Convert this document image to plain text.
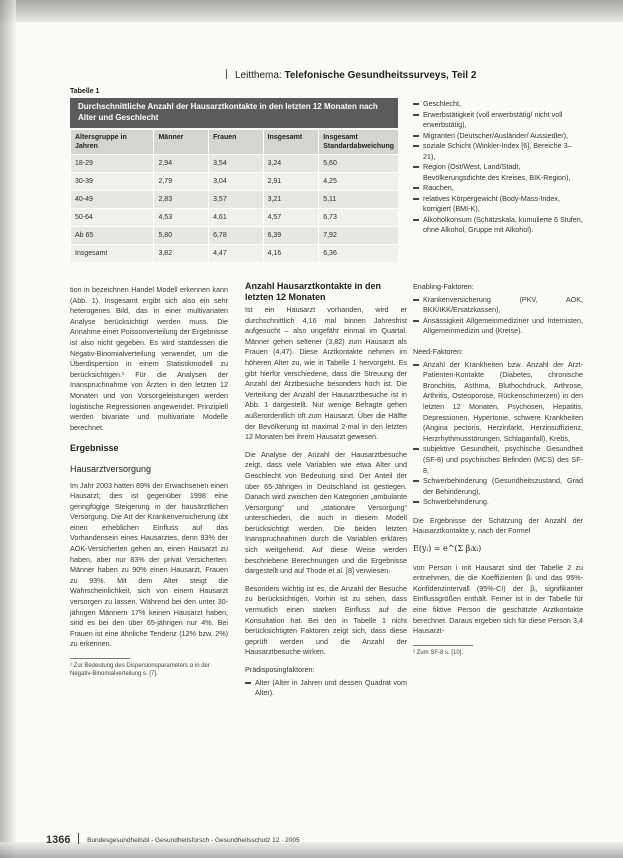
Leitthema: Telefonische Gesundheitssurveys, Teil 2
Tabelle 1
Durchschnittliche Anzahl der Hausarztkontakte in den letzten 12 Monaten nach Alter und Geschlecht
Altersgruppe in Jahren	Männer	Frauen	Insgesamt	Insgesamt Standardabweichung
18-29	2,94	3,54	3,24	5,60
30-39	2,79	3,04	2,91	4,25
40-49	2,83	3,57	3,21	5,11
50-64	4,53	4,61	4,57	6,73
Ab 65	5,80	6,78	6,39	7,92
Insgesamt	3,82	4,47	4,16	6,36
Geschlecht,
Erwerbstätigkeit (voll erwerbstätig/ nicht voll erwerbstätig),
Migranten (Deutscher/Ausländer/ Aussiedler),
soziale Schicht (Winkler-Index [6], Bereiche 3–21),
Region (Ost/West, Land/Stadt, Bevölkerungsdichte des Kreises, BIK-Region),
Rauchen,
relatives Körpergewicht (Body-Mass-Index, korrigiert (BMI-K),
Alkoholkonsum (Schätzskala, kumulierte 6 Stufen, ohne Alkohol, Gruppe mit Alkohol).

tion in bezeichnen Handel Modell erkennen kann (Abb. 1). Insgesamt ergibt sich also ein sehr heterogenes Bild, das in einer multivariaten Analyse berücksichtigt werden muss. Die Annahme einer Poissonverteilung der Ergebnisse ist also nicht gegeben. Es wird stattdessen die Negativ-Binomialverteilung verwendet, um die Überdispersion in einem Statistikmodell zu berücksichtigen.¹ Für die Analysen der Inanspruchnahme von Ärzten in den letzten 12 Monaten und von Vorsorgeleistungen werden logistische Regressionen angewendet. Prinzipiell werden bivariate und multivariate Modelle berechnet.

Ergebnisse
Hausarztversorgung

Im Jahr 2003 hatten 89% der Erwachsenen einen Hausarzt; dies ist gegenüber 1998 eine geringfügige Steigerung in der hausärztlichen Versorgung. Die Art der Krankenversicherung übt einen erheblichen Einfluss auf das Vorhandensein eines Hausarztes, denn 93% der AOK-Versicherten gehen an, einen Hausarzt zu haben, aber nur 83% der privat Versicherten. Männer haben zu 90% einen Hausarzt, Frauen zu 93%. Mit dem Alter steigt die Wahrscheinlichkeit, sich von einem Hausarzt versorgen zu lassen. Während bei den unter 30-jährigen Männern 17% keinen Hausarzt haben, sind es bei den über 65-jährigen nur 4%. Bei Frauen ist eine ähnliche Tendenz (12% bzw. 2%) zu erkennen.

¹ Zur Bedeutung des Dispersionsparameters α in der Negativ-Binomialverteilung s. [7].
Anzahl Hausarztkontakte in den letzten 12 Monaten

Ist ein Hausarzt vorhanden, wird er durchschnittlich 4,16 mal binnen Jahresfrist aufgesucht – also ungefähr einmal im Quartal. Männer gehen seltener (3,82) zum Hausarzt als Frauen (4,47). Diese Arztkontakte nehmen im höheren Alter zu, wie in Tabelle 1 hervorgeht. Es gibt hierfür verschiedene, dass die Streuung der Anzahl der Arztbesuche besonders hoch ist. Die Verteilung der Anzahl der Hausarztbesuche ist in Abb. 1 dargestellt. Nur wenige Befragte gehen außerordentlich oft zum Hausarzt. Über die Hälfte der Bevölkerung ist maximal 2-mal in den letzten 12 Monaten bei ihrem Hausarzt gewesen.

Die Analyse der Anzahl der Hausarztbesuche zeigt, dass viele Variablen wie etwa Alter und Geschlecht von Bedeutung sind. Der Anteil der über 65-Jährigen in Deutschland ist gestiegen. Danach wird zwischen den Kategorien „ambulante Versorgung“ und „stationäre Versorgung“ unterschieden, die auch in diesem Modell berücksichtigt werden. Die beiden letzten Inanspruchnahmen durch die Variablen erklären sich weitgehend. Auf diese Weise werden beschriebene Berechnungen und die Ergebnisse dargestellt und auf Thode et al. [8] verwiesen.

Besonders wichtig ist es, die Anzahl der Besuche zu berücksichtigen. Vorhin ist zu sehen, dass vermutlich einen starken Einfluss auf die Konsultation hat. Bei den in Tabelle 1 nicht berücksichtigten Faktoren zeigt sich, dass diese geprüft werden und die Anzahl der Hausarztbesuche wirken.

Prädisposingfaktoren:
Alter (Alter in Jahren und dessen Quadrat vom Alter).
Enabling-Faktoren:
Krankenversicherung (PKV, AOK, BKK/IKK/Ersatzkassen),
Ansässigkeit Allgemeinmediziner und Internisten, Allgemeinmedizin und (Kreise).
Need-Faktoren:
Anzahl der Krankheiten bzw. Anzahl der Arzt-Patienten-Kontakte (Diabetes, chronische Bronchitis, Asthma, Bluthochdruck, Arthrose, Arthritis, Osteoporose, Rückenschmerzen) in den letzten 12 Monaten, Psychosen, Hepatitis, Depressionen, Hypertonie, schwere Krankheiten (Angina pectoris, Herzinfarkt, Herzinsuffizienz, Herzrhythmusstörungen, Schlaganfall), Krebs,
subjektive Gesundheit, psychische Gesundheit (SF-8) und psychisches Befinden (MCS) des SF-8,
Schwerbehinderung (Gesundheitszustand, Grad der Behinderung),
Schwerbehinderung.

Die Ergebnisse der Schätzung der Anzahl der Hausarztkontakte y, nach der Formel

E(yᵢ) = e^(Σ βᵢxᵢ)

von Person i mit Hausarzt sind der Tabelle 2 zu entnehmen, die die Koeffizienten βᵢ und das 95%-Konfidenzintervall (95%-CI) der βᵢ, signifikanter Einflussgrößen enthält. Ferner ist in der Tabelle für eine fiktive Person die geschätzte Arztkontakte berechnet. Daraus ergeben sich für diese Person 3,4 Hausarzt-

² Zum SF-8 s. [10].
1366	Bundesgesundheitsbl - Gesundheitsforsch - Gesundheitsschutz 12 · 2005
